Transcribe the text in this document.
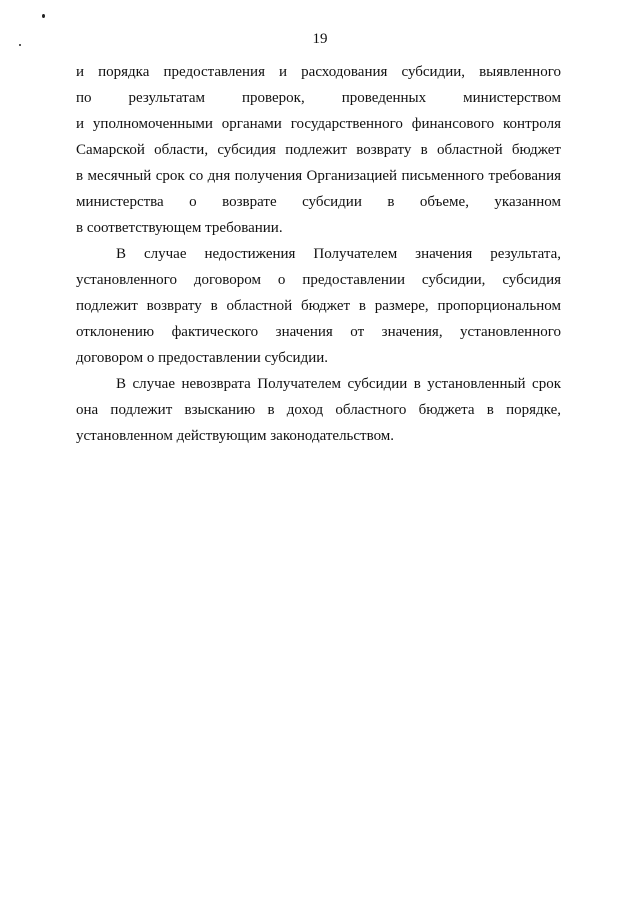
19
и порядка предоставления и расходования субсидии, выявленного
по результатам проверок, проведенных министерством
и уполномоченными органами государственного финансового контроля
Самарской области, субсидия подлежит возврату в областной бюджет
в месячный срок со дня получения Организацией письменного требования
министерства о возврате субсидии в объеме, указанном
в соответствующем требовании.
В случае недостижения Получателем значения результата,
установленного договором о предоставлении субсидии, субсидия
подлежит возврату в областной бюджет в размере, пропорциональном
отклонению фактического значения от значения, установленного
договором о предоставлении субсидии.
В случае невозврата Получателем субсидии в установленный срок
она подлежит взысканию в доход областного бюджета в порядке,
установленном действующим законодательством.
